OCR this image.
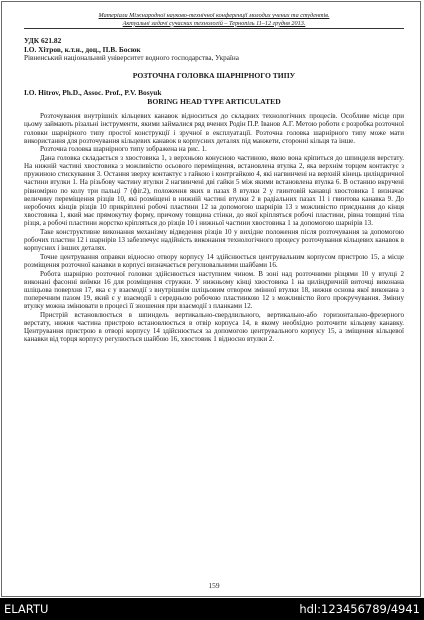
Матеріали Міжнародної науково-технічної конференції молодих учених та студентів.
Актуальні задачі сучасних технологій – Тернопіль 11–12 грудня 2013.
УДК 621.82
І.О. Хітров, к.т.н., доц., П.В. Босюк
Рівненський національний університет водного господарства, Україна
РОЗТОЧНА ГОЛОВКА ШАРНІРНОГО ТИПУ
I.O. Hitrov, Ph.D., Assoc. Prof., P.V. Bosyuk
BORING HEAD TYPE ARTICULATED

Розточування внутрішніх кільцевих канавок відноситься до складних технологічних процесів. Особливе місце при цьому займають різальні інструменти, якими займалися ряд вчених Родін П.Р. Іванов А.Г. Метою роботи є розробка розточної головки шарнірного типу простої конструкції і зручної в експлуатації. Розточна головка шарнірного типу може мати використання для розточування кільцевих канавок в корпусних деталях під манжети, сторонні кільця та інше.

Розточна головка шарнірного типу зображена на рис. 1.

Дана головка складається з хвостовика 1, з верхньою конусною частиною, якою вона кріпиться до шпинделя верстату. На нижній частині хвостовика з можливістю осьового переміщення, встановлена втулка 2, яка верхнім торцем контактує з пружиною стискування 3. Остання зверху контактує з гайкою і контргайкою 4, які нагвинчені на верхній кінець циліндричної частини втулки 1. На різьбову частину втулки 2 нагвинчені дві гайки 5 між якими встановлена втулка 6. В останню вкручені рівномірно по колу три пальці 7 (фіг.2), положення яких в пазах 8 втулки 2 у гвинтовій канавці хвостовика 1 визначає величину переміщення різців 10, які розміщені в нижній частині втулки 2 в радіальних пазах 11 і гвинтова канавка 9. До неробочих кінців різців 10 прикріплені робочі пластини 12 за допомогою шарнірів 13 з можливістю приєднання до кінця хвостовика 1, який має прямокутну форму, причому товщина стінки, до якої кріпляться робочі пластини, рівна товщині тіла різця, а робочі пластини жорстко кріпляться до різців 10 і нижньої частини хвостовика 1 за допомогою шарнірів 13.

Таке конструктивне виконання механізму відведення різців 10 у вихідне положення після розточування за допомогою робочих пластин 12 і шарнірів 13 забезпечує надійність виконання технологічного процесу розточування кільцевих канавок в корпусних і інших деталях.

Точне центрування оправки відносно отвору корпусу 14 здійснюється центрувальним корпусом пристрою 15, а місце розміщення розточної канавки в корпусі визначається регулювальними шайбами 16.

Робота шарнірно розточної головки здійснюється наступним чином. В зоні над розточними різцями 10 у втулці 2 виконані фасонні виїмки 16 для розміщення стружки. У нижньому кінці хвостовика 1 на циліндричній виточці виконана шліцьова поверхня 17, яка є у взаємодії з внутрішнім шліцьовим отвором змінної втулки 18, нижня основа якої виконана з поперечним пазом 19, який є у взаємодії з середньою робочою пластинкою 12 з можливістю його прокручування. Змінну втулку можна змінювати в процесі її зношення при взаємодії з планками 12.

Пристрій встановлюється в шпиндель вертикально-свердлильного, вертикально-або горизонтально-фрезерного верстату, нижня частина пристрою встановлюється в отвір корпуса 14, в якому необхідно розточити кільцеву канавку. Центрування пристрою в отворі корпусу 14 здійснюється за допомогою центрувального корпусу 15, а зміщення кільцевої канавки від торця корпусу регулюється шайбою 16, хвостовик 1 відносно втулки 2.

159
ELARTU	hdl:123456789/4941
